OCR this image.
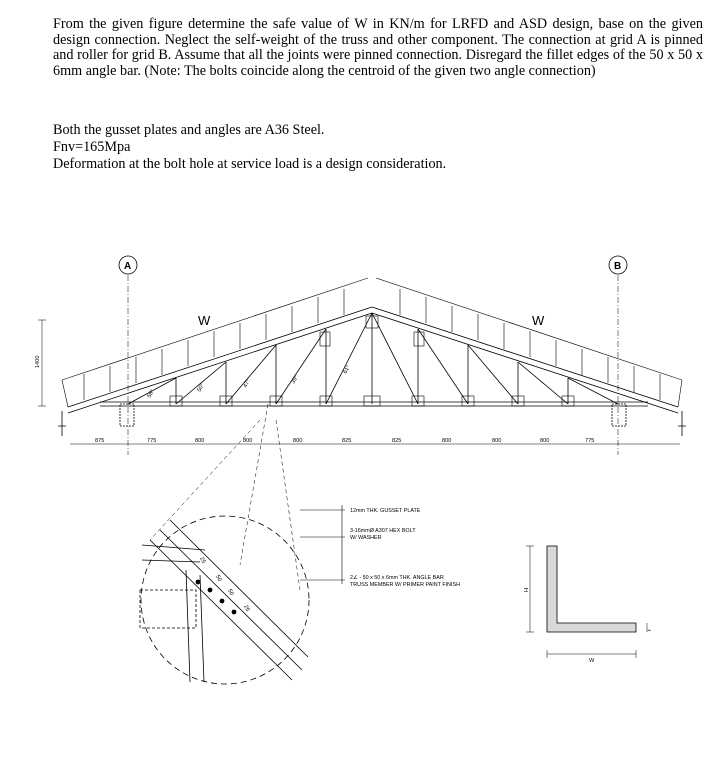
From the given figure determine the safe value of W in KN/m for LRFD and ASD design, base on the given design connection. Neglect the self-weight of the truss and other component. The connection at grid A is pinned and roller for grid B. Assume that all the joints were pinned connection. Disregard the fillet edges of the 50 x 50 x 6mm angle bar. (Note: The bolts coincide along the centroid of the given two angle connection)
Both the gusset plates and angles are A36 Steel.
Fnv=165Mpa
Deformation at the bolt hole at service load is a design consideration.
A	B
W	W
1400
875	775	800	800	800	825	825	800	800	800	775
56°
50°	47°	39°
61°
12mm THK. GUSSET PLATE
3-16mmØ A307 HEX BOLT
W/ WASHER
2∠ - 50 x 50 x 6mm THK. ANGLE BAR
TRUSS MEMBER W/ PRIMER PAINT FINISH
25
50
50
25
H
W
t
